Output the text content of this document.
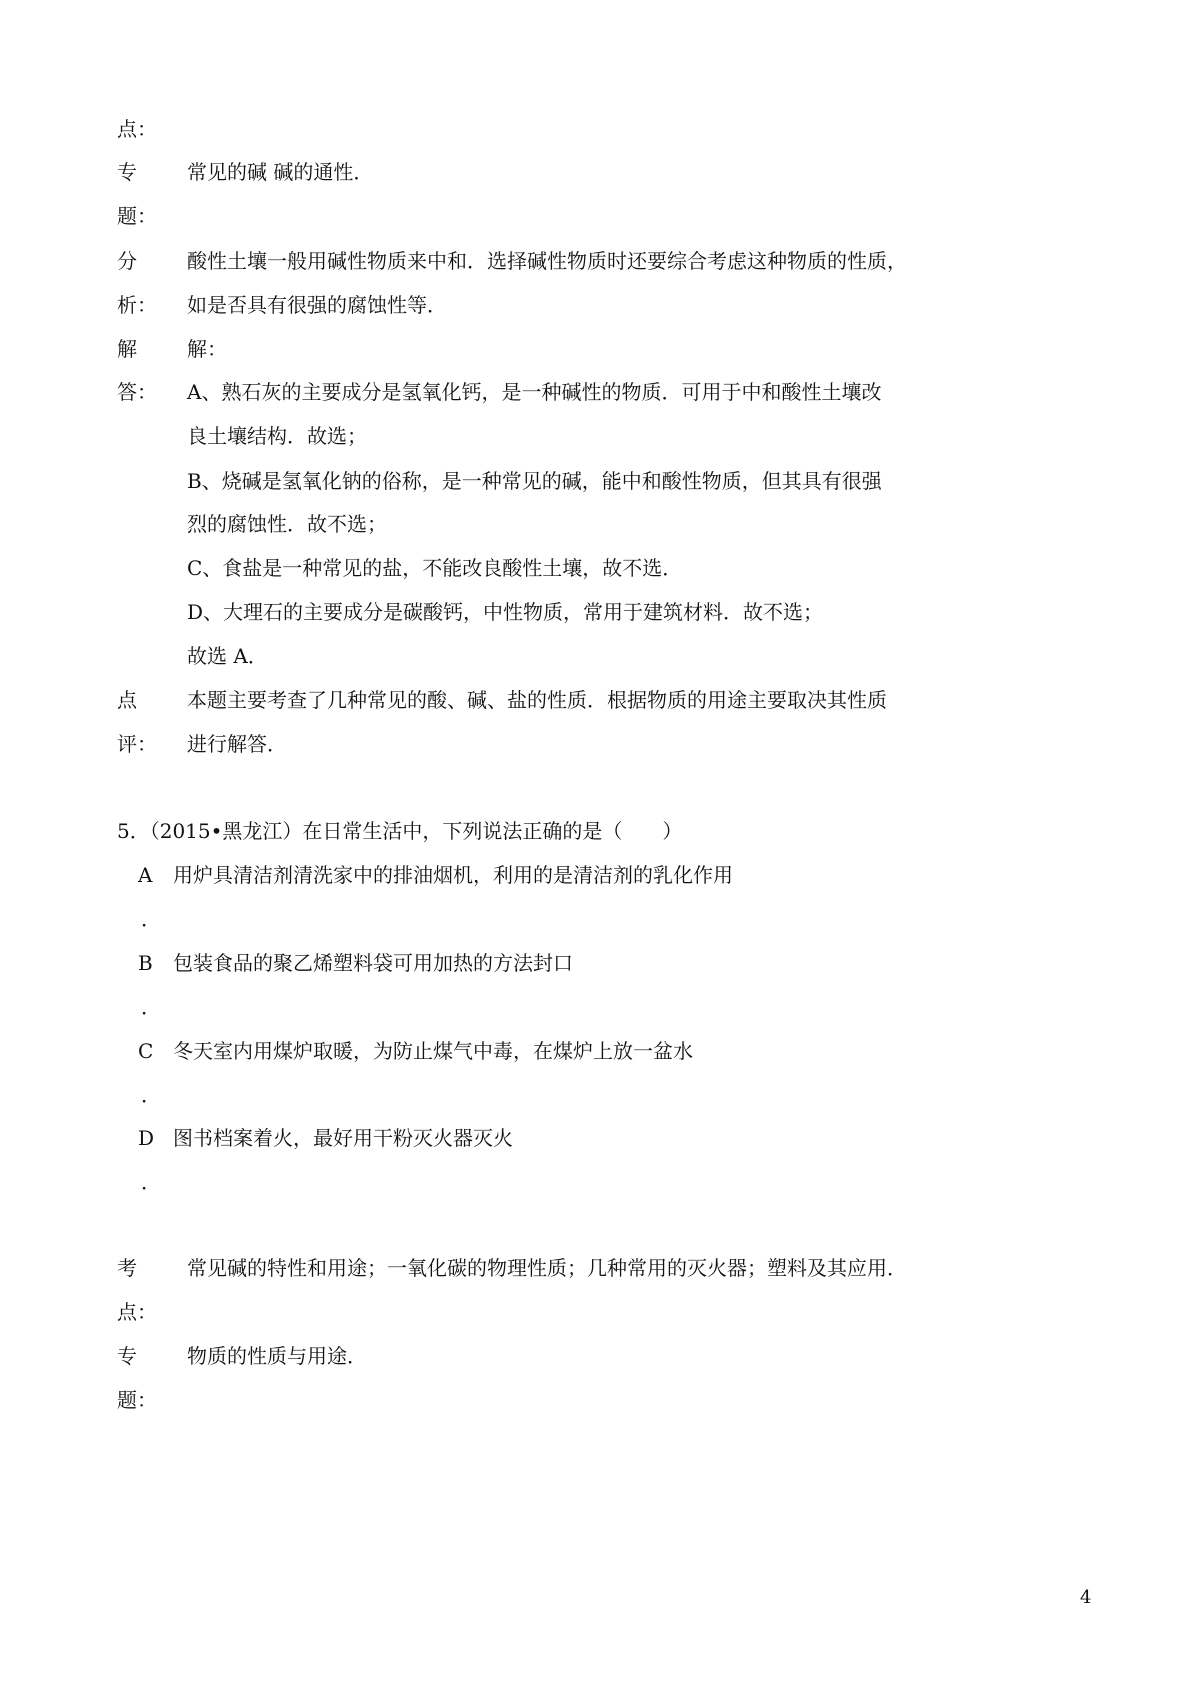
点：
专	常见的碱 碱的通性．
题：
分	酸性土壤一般用碱性物质来中和．选择碱性物质时还要综合考虑这种物质的性质，
析： 如是否具有很强的腐蚀性等．
解	解：
答： A、熟石灰的主要成分是氢氧化钙，是一种碱性的物质．可用于中和酸性土壤改
良土壤结构．故选；
B、烧碱是氢氧化钠的俗称，是一种常见的碱，能中和酸性物质，但其具有很强
烈的腐蚀性．故不选；
C、食盐是一种常见的盐，不能改良酸性土壤，故不选．
D、大理石的主要成分是碳酸钙，中性物质，常用于建筑材料．故不选；
故选 A．
点	本题主要考查了几种常见的酸、碱、盐的性质．根据物质的用途主要取决其性质
评： 进行解答．
5．（2015•黑龙江）在日常生活中，下列说法正确的是（　　）
A 用炉具清洁剂清洗家中的排油烟机，利用的是清洁剂的乳化作用
．
B 包装食品的聚乙烯塑料袋可用加热的方法封口
．
C 冬天室内用煤炉取暖，为防止煤气中毒，在煤炉上放一盆水
．
D 图书档案着火，最好用干粉灭火器灭火
．
考	常见碱的特性和用途；一氧化碳的物理性质；几种常用的灭火器；塑料及其应用．
点：
专	物质的性质与用途．
题：
4
